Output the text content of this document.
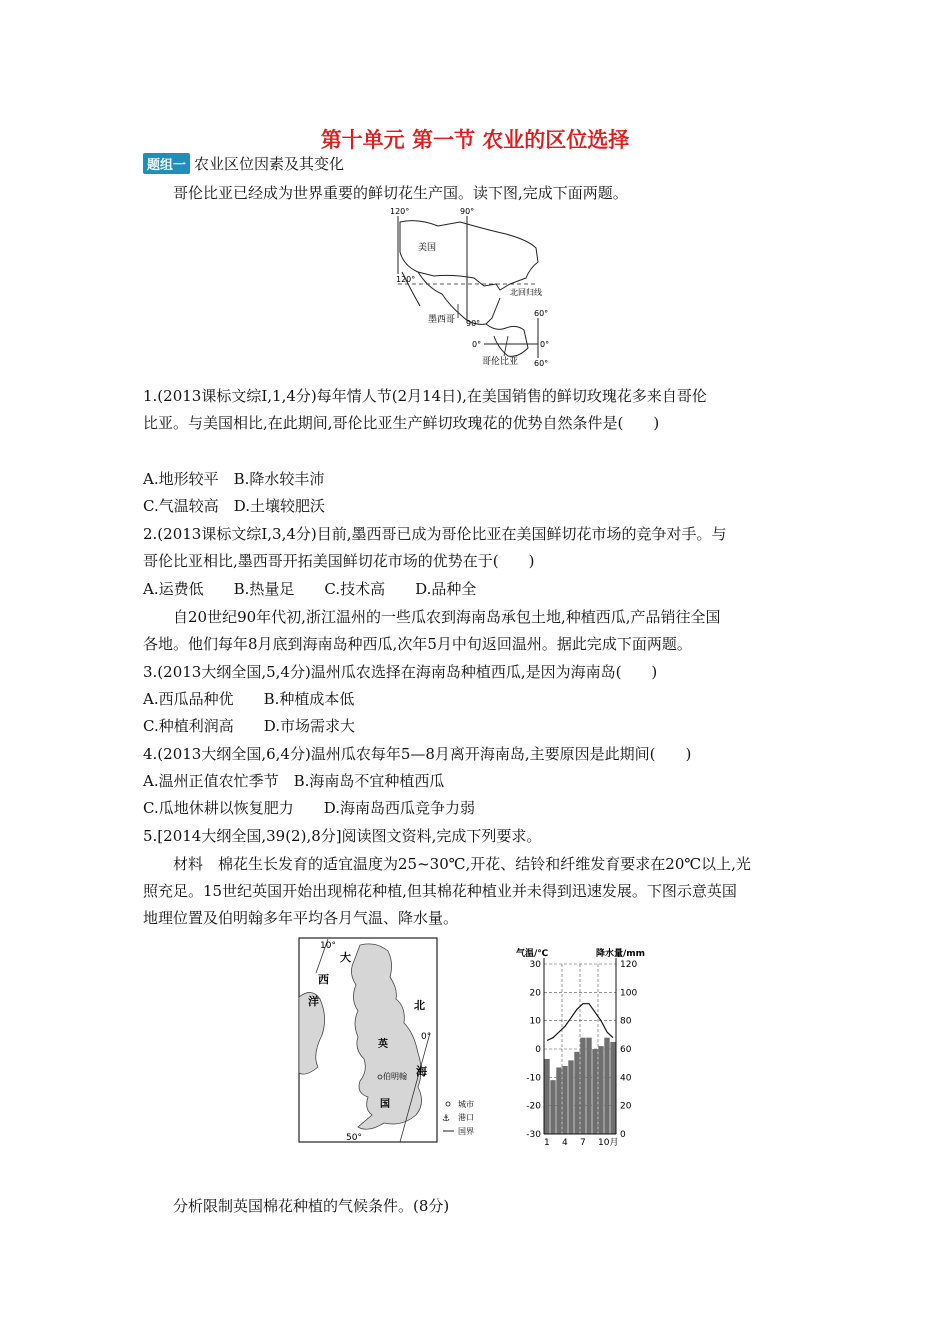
第十单元 第一节 农业的区位选择
题组一 农业区位因素及其变化
哥伦比亚已经成为世界重要的鲜切花生产国。读下图,完成下面两题。
120°	90°
美国
120°
北回归线
墨西哥 90°
60°
0°	0°
哥伦比亚 60°
1.(2013课标文综Ⅰ,1,4分)每年情人节(2月14日),在美国销售的鲜切玫瑰花多来自哥伦
比亚。与美国相比,在此期间,哥伦比亚生产鲜切玫瑰花的优势自然条件是(　　)
A.地形较平　B.降水较丰沛
C.气温较高　D.土壤较肥沃
2.(2013课标文综Ⅰ,3,4分)目前,墨西哥已成为哥伦比亚在美国鲜切花市场的竞争对手。与
哥伦比亚相比,墨西哥开拓美国鲜切花市场的优势在于(　　)
A.运费低　　B.热量足　　C.技术高　　D.品种全
自20世纪90年代初,浙江温州的一些瓜农到海南岛承包土地,种植西瓜,产品销往全国
各地。他们每年8月底到海南岛种西瓜,次年5月中旬返回温州。据此完成下面两题。
3.(2013大纲全国,5,4分)温州瓜农选择在海南岛种植西瓜,是因为海南岛(　　)
A.西瓜品种优　　B.种植成本低
C.种植利润高　　D.市场需求大
4.(2013大纲全国,6,4分)温州瓜农每年5—8月离开海南岛,主要原因是此期间(　　)
A.温州正值农忙季节　B.海南岛不宜种植西瓜
C.瓜地休耕以恢复肥力　　D.海南岛西瓜竞争力弱
5.[2014大纲全国,39(2),8分]阅读图文资料,完成下列要求。
材料　棉花生长发育的适宜温度为25~30℃,开花、结铃和纤维发育要求在20℃以上,光
照充足。15世纪英国开始出现棉花种植,但其棉花种植业并未得到迅速发展。下图示意英国
地理位置及伯明翰多年平均各月气温、降水量。
⚓
10°
大
西
洋	北
0°
英
海
伯明翰
国
50°
城市
港口
国界
30
20
10
0
-10
-20
-30
120
100
80
60
40
20
0
1 4 7 10月
气温/℃	降水量/mm
分析限制英国棉花种植的气候条件。(8分)
